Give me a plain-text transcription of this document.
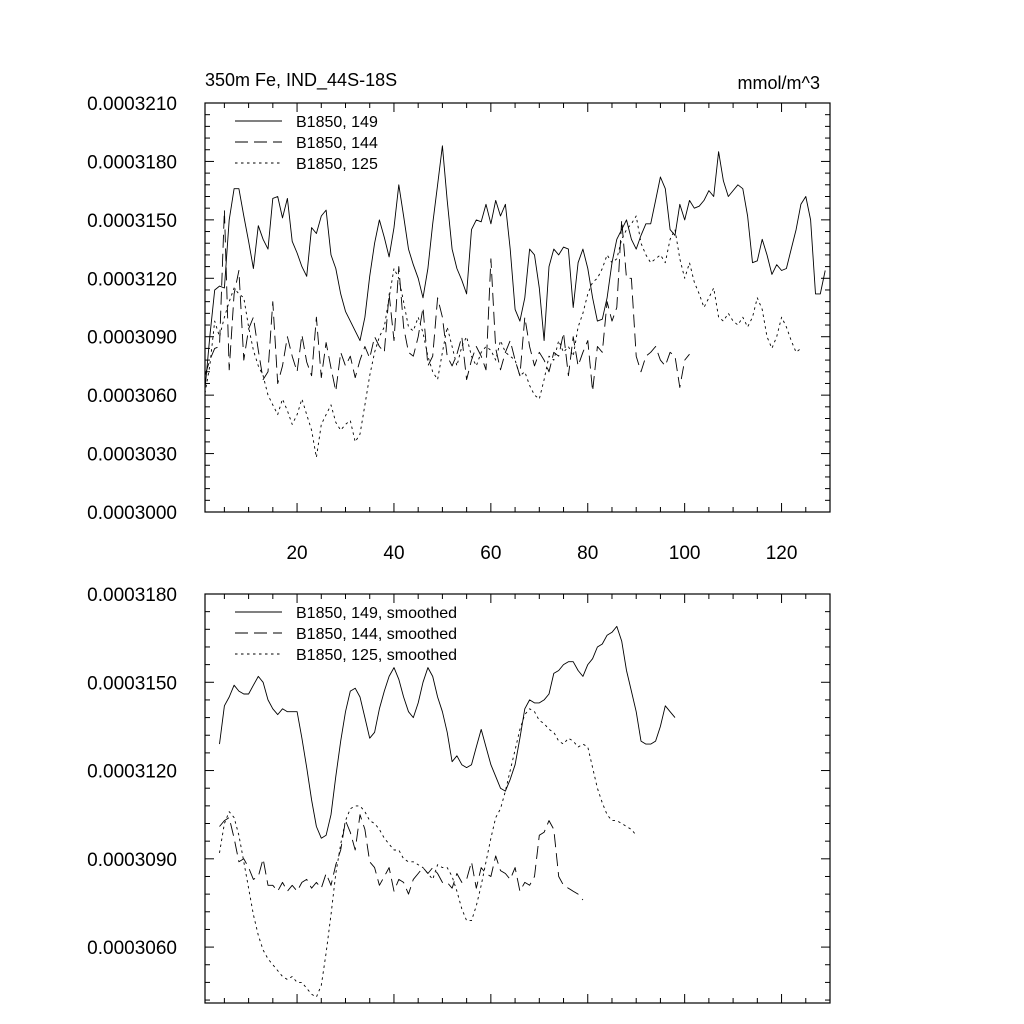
0.0003000
0.0003030
0.0003060
0.0003090
0.0003120
0.0003150
0.0003180
0.0003210
20	40	60	80	100	120
350m Fe, IND_44S-18S	mmol/m^3
B1850, 149
B1850, 144
B1850, 125
0.0003060
0.0003090
0.0003120
0.0003150
0.0003180
B1850, 149, smoothed
B1850, 144, smoothed
B1850, 125, smoothed
